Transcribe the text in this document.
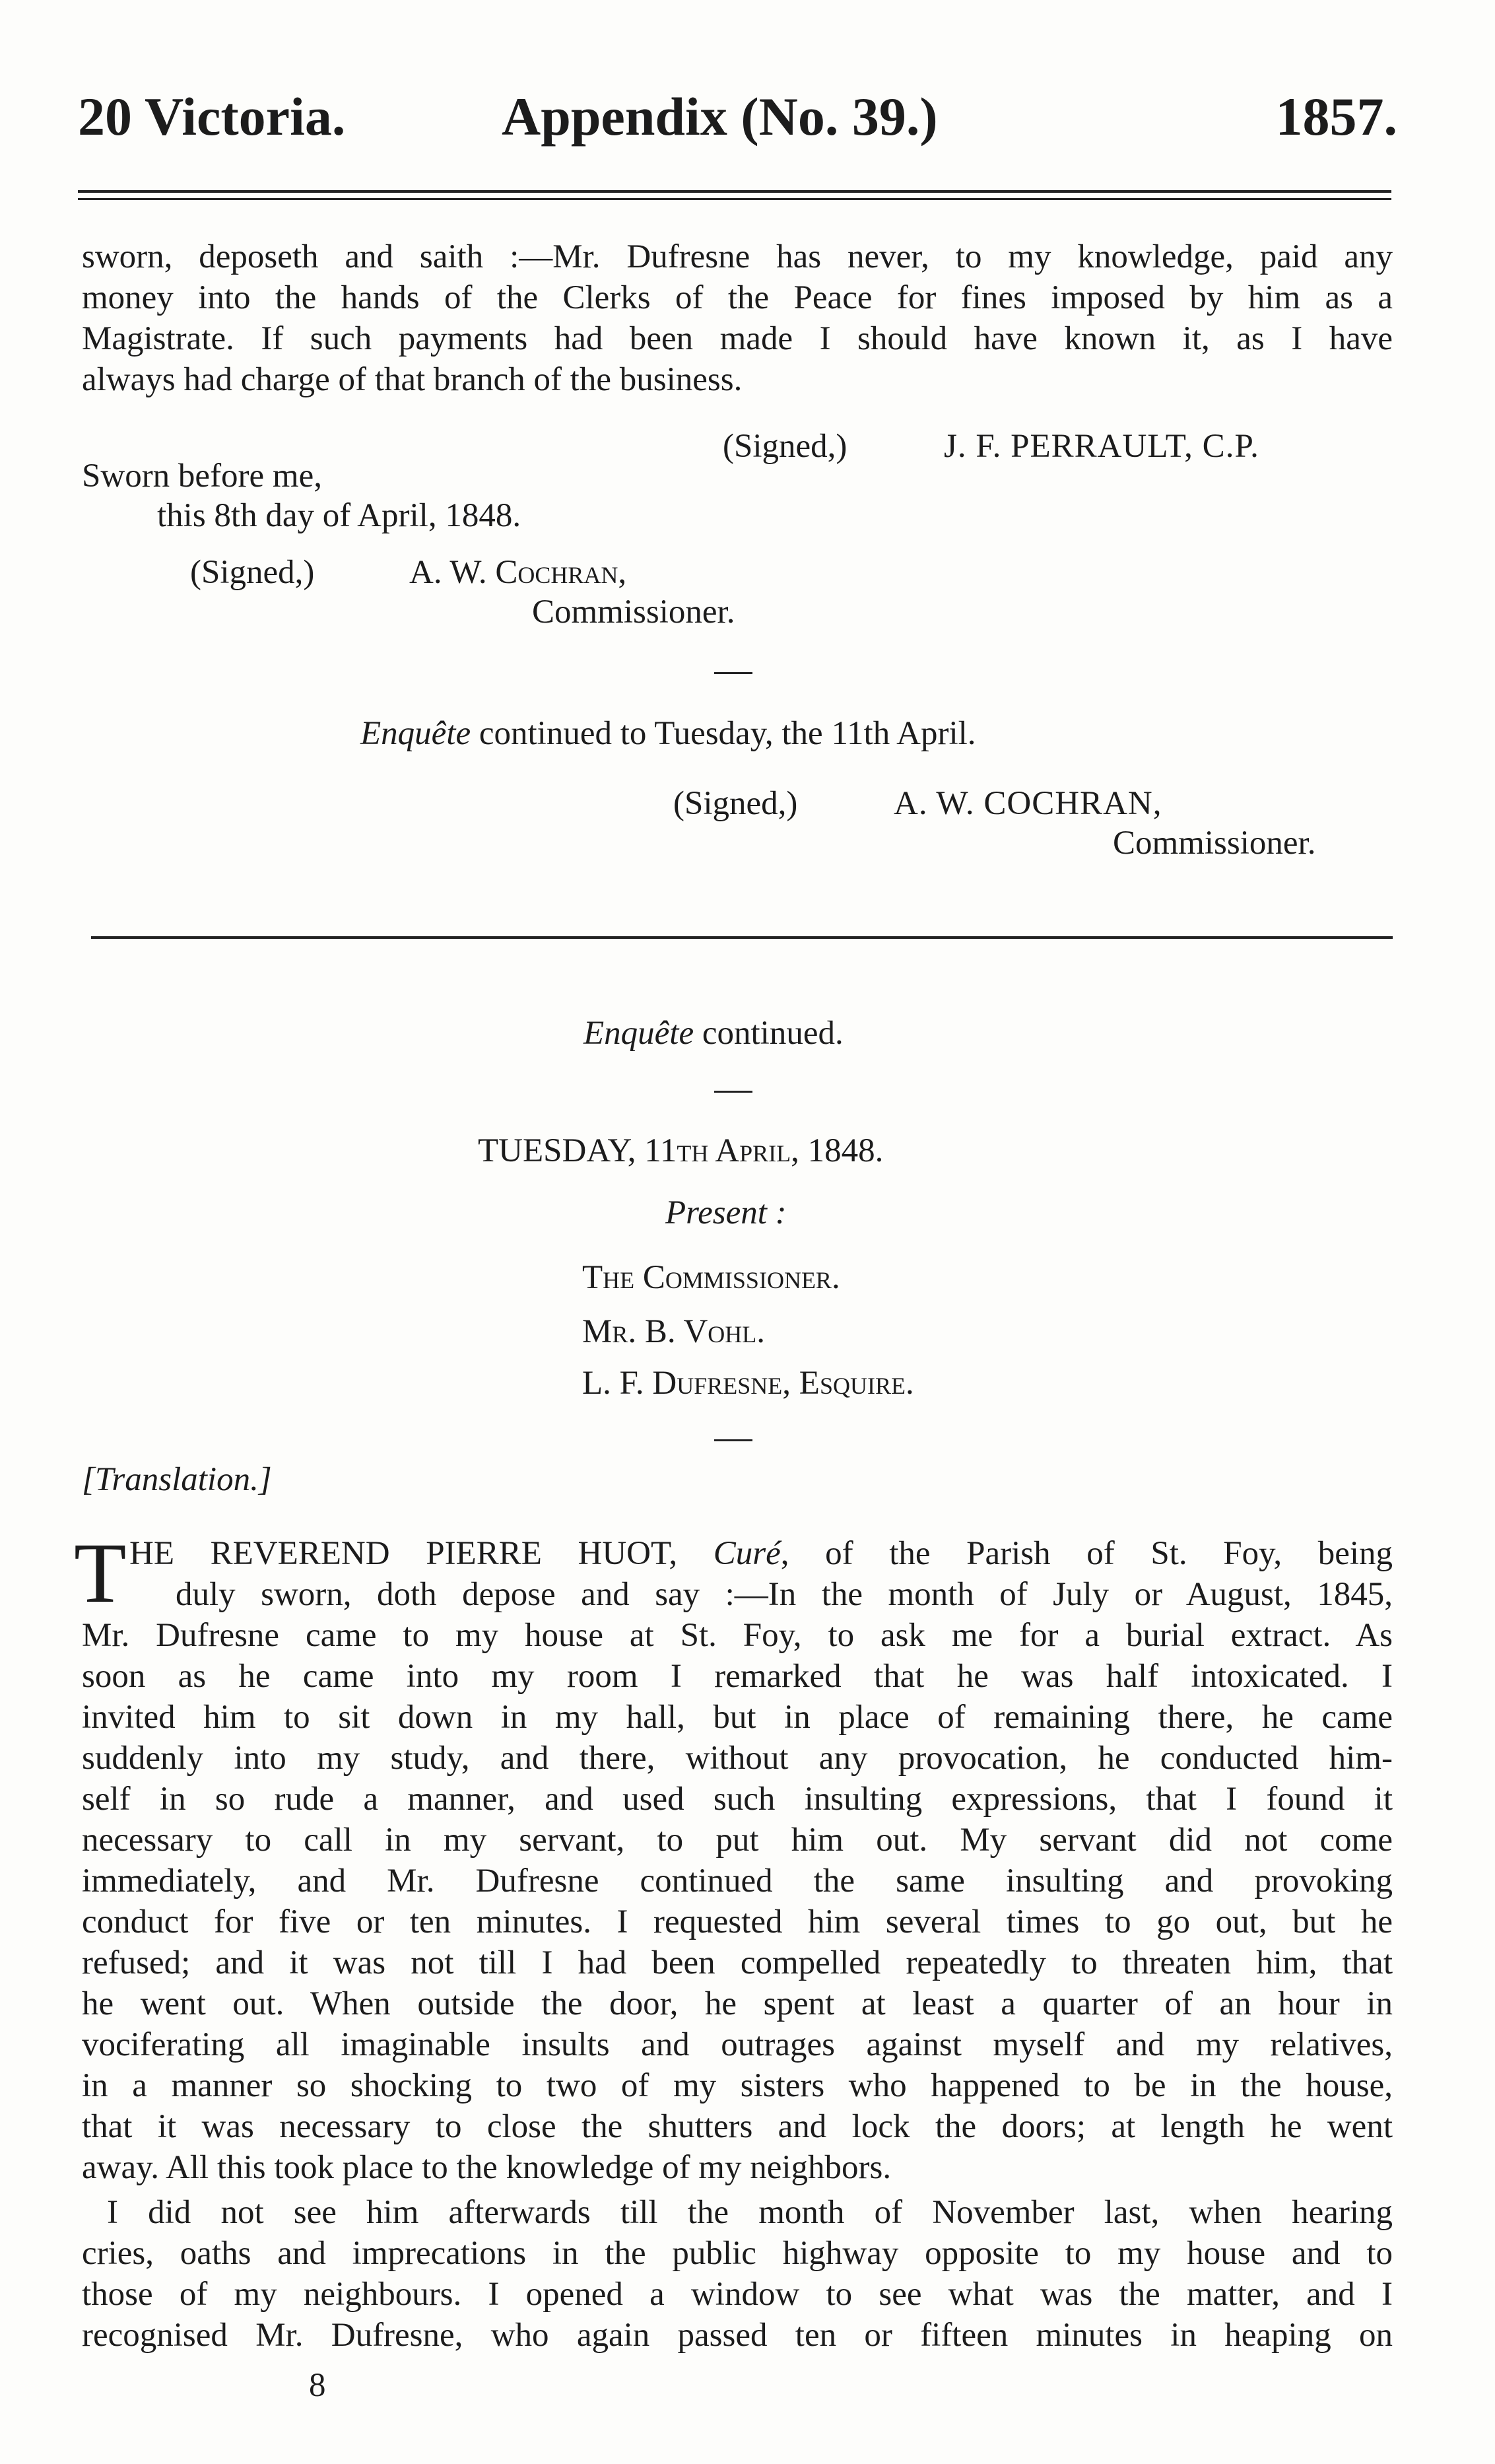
20 Victoria.	Appendix (No. 39.)	1857.
sworn, deposeth and saith :—Mr. Dufresne has never, to my knowledge, paid any
money into the hands of the Clerks of the Peace for fines imposed by him as a
Magistrate. If such payments had been made I should have known it, as I have
always had charge of that branch of the business.
(Signed,)	J. F. PERRAULT, C.P.
Sworn before me,
this 8th day of April, 1848.
(Signed,)	A. W. Cochran,
Commissioner.
Enquête continued to Tuesday, the 11th April.
(Signed,)	A. W. COCHRAN,
Commissioner.
Enquête continued.
TUESDAY, 11th April, 1848.
Present :
The Commissioner.
Mr. B. Vohl.
L. F. Dufresne, Esquire.
[Translation.]
T HE REVEREND PIERRE HUOT, Curé, of the Parish of St. Foy, being
duly sworn, doth depose and say :—In the month of July or August, 1845,
Mr. Dufresne came to my house at St. Foy, to ask me for a burial extract. As
soon as he came into my room I remarked that he was half intoxicated. I
invited him to sit down in my hall, but in place of remaining there, he came
suddenly into my study, and there, without any provocation, he conducted him-
self in so rude a manner, and used such insulting expressions, that I found it
necessary to call in my servant, to put him out. My servant did not come
immediately, and Mr. Dufresne continued the same insulting and provoking
conduct for five or ten minutes. I requested him several times to go out, but he
refused; and it was not till I had been compelled repeatedly to threaten him, that
he went out. When outside the door, he spent at least a quarter of an hour in
vociferating all imaginable insults and outrages against myself and my relatives,
in a manner so shocking to two of my sisters who happened to be in the house,
that it was necessary to close the shutters and lock the doors; at length he went
away. All this took place to the knowledge of my neighbors.
I did not see him afterwards till the month of November last, when hearing
cries, oaths and imprecations in the public highway opposite to my house and to
those of my neighbours. I opened a window to see what was the matter, and I
recognised Mr. Dufresne, who again passed ten or fifteen minutes in heaping on
8
